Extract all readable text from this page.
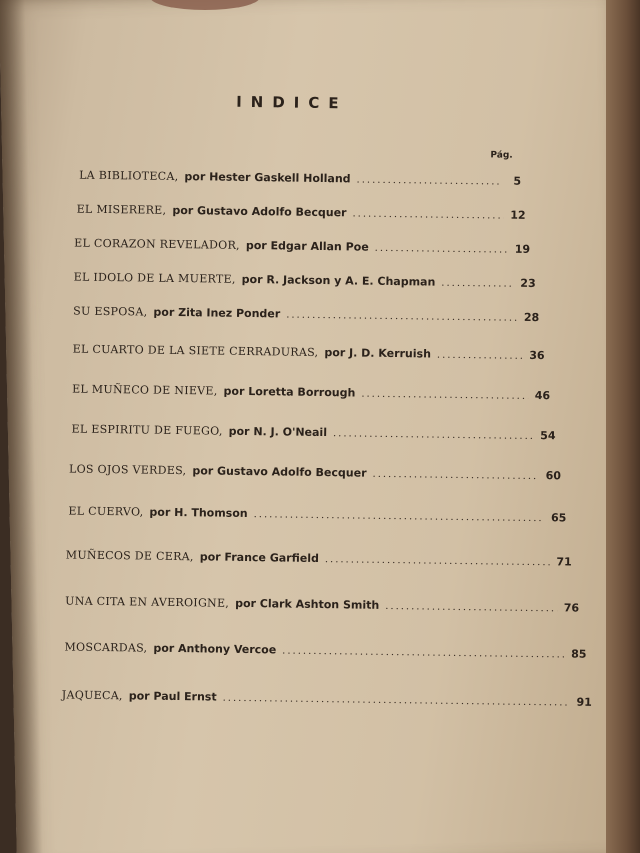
INDICE
Pág.
LA BIBLIOTECA, por Hester Gaskell Holland .....	5
EL MISERERE, por Gustavo Adolfo Becquer .....	12
EL CORAZON REVELADOR, por Edgar Allan Poe .....	19
EL IDOLO DE LA MUERTE, por R. Jackson y A. E. Chapman .....	23
SU ESPOSA, por Zita Inez Ponder .....	28
EL CUARTO DE LA SIETE CERRADURAS, por J. D. Kerruish .....	36
EL MUÑECO DE NIEVE, por Loretta Borrough .....	46
EL ESPIRITU DE FUEGO, por N. J. O'Neail .....	54
LOS OJOS VERDES, por Gustavo Adolfo Becquer .....	60
EL CUERVO, por H. Thomson .....	65
MUÑECOS DE CERA, por France Garfield .....	71
UNA CITA EN AVEROIGNE, por Clark Ashton Smith .....	76
MOSCARDAS, por Anthony Vercoe .....	85
JAQUECA, por Paul Ernst .....	91
